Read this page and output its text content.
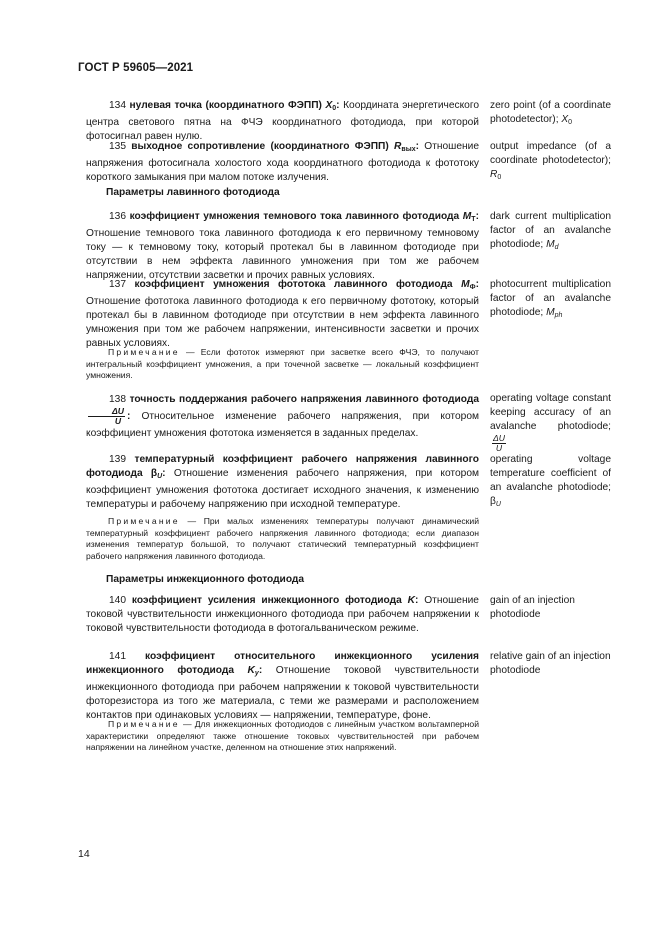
ГОСТ Р 59605—2021
134 нулевая точка (координатного ФЭПП) $X_0$: Координата энергетического центра светового пятна на ФЧЭ координатного фотодиода, при которой фотосигнал равен нулю.
zero point (of a coordinate photodetector); $X_0$
135 выходное сопротивление (координатного ФЭПП) $R_{вых}$: Отношение напряжения фотосигнала холостого хода координатного фотодиода к фототоку короткого замыкания при малом потоке излучения.
output impedance (of a coordinate photodetector); $R_0$
Параметры лавинного фотодиода
136 коэффициент умножения темнового тока лавинного фотодиода $M_T$: Отношение темнового тока лавинного фотодиода к его первичному темновому току — к темновому току, который протекал бы в лавинном фотодиоде при отсутствии в нем эффекта лавинного умножения при том же рабочем напряжении, отсутствии засветки и прочих равных условиях.
dark current multiplication factor of an avalanche photodiode; Md
137 коэффициент умножения фототока лавинного фотодиода $M_Ф$: Отношение фототока лавинного фотодиода к его первичному фототоку, который протекал бы в лавинном фотодиоде при отсутствии в нем эффекта лавинного умножения при том же рабочем напряжении, интенсивности засветки и прочих равных условиях.
photocurrent multiplication factor of an avalanche photodiode; Mph
Примечание — Если фототок измеряют при засветке всего ФЧЭ, то получают интегральный коэффициент умножения, а при точечной засветке — локальный коэффициент умножения.
138 точность поддержания рабочего напряжения лавинного фотодиода
$\frac{\Delta U}{U}$ : Относительное изменение рабочего напряжения, при котором коэффициент умножения фототока изменяется в заданных пределах.
operating voltage constant keeping accuracy of an avalanche photodiode;
$\frac{\Delta U}{U}$
139 температурный коэффициент рабочего напряжения лавинного фотодиода βU: Отношение изменения рабочего напряжения, при котором коэффициент умножения фототока достигает исходного значения, к изменению температуры и рабочему напряжению при исходной температуре.
operating voltage temperature coefficient of an avalanche photodiode; βU
Примечание — При малых изменениях температуры получают динамический температурный коэффициент рабочего напряжения лавинного фотодиода; если диапазон изменения температур большой, то получают статический температурный коэффициент рабочего напряжения лавинного фотодиода.
Параметры инжекционного фотодиода
140 коэффициент усиления инжекционного фотодиода K: Отношение токовой чувствительности инжекционного фотодиода при рабочем напряжении к токовой чувствительности фотодиода в фотогальваническом режиме.
gain of an injection photodiode
141 коэффициент относительного инжекционного усиления инжекционного фотодиода Ky: Отношение токовой чувствительности инжекционного фотодиода при рабочем напряжении к токовой чувствительности фоторезистора из того же материала, с теми же размерами и расположением контактов при одинаковых условиях — напряжении, температуре, фоне.
relative gain of an injection photodiode
Примечание — Для инжекционных фотодиодов с линейным участком вольтамперной характеристики определяют также отношение токовых чувствительностей при рабочем напряжении на линейном участке, деленном на отношение этих напряжений.
14
